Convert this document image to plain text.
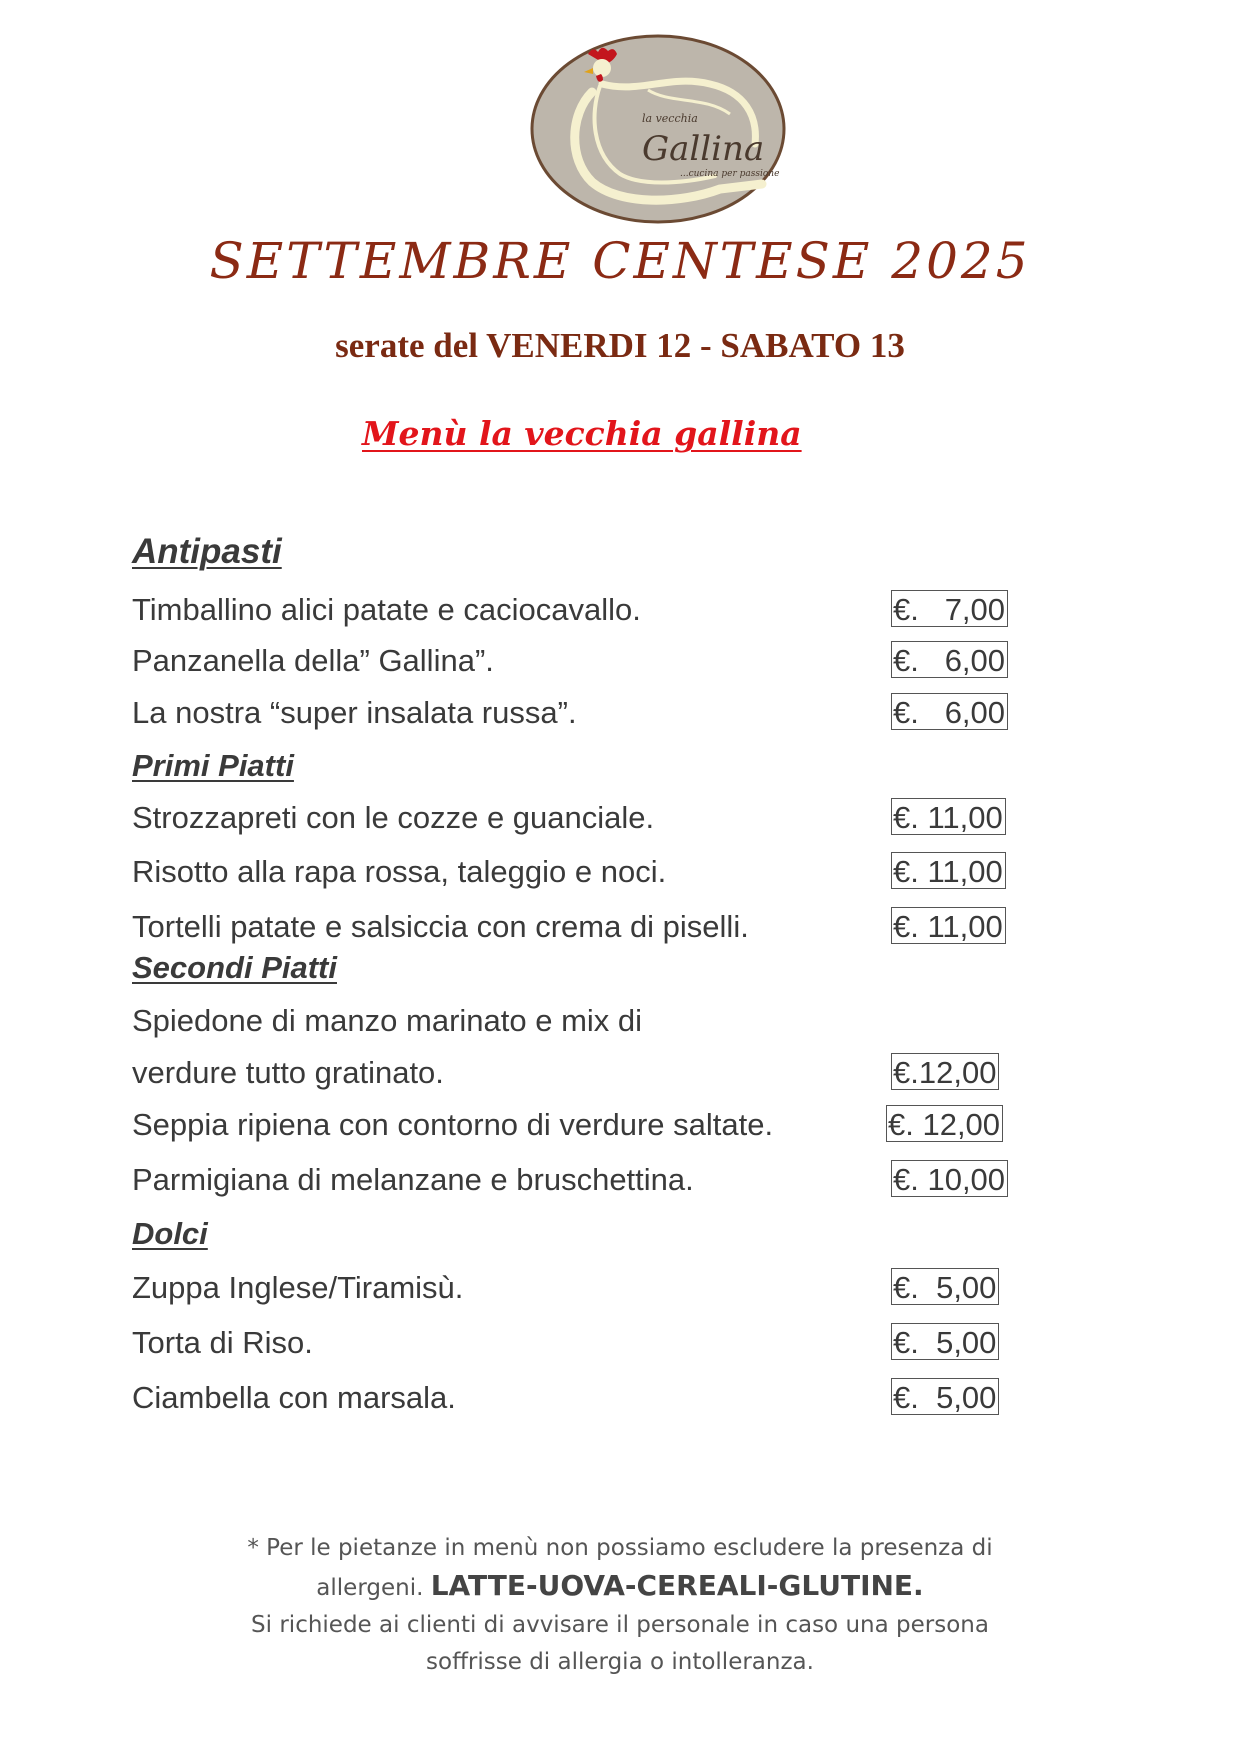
la vecchia
Gallina
...cucina per passione
SETTEMBRE CENTESE 2025
serate del VENERDI 12 - SABATO 13
Menù la vecchia gallina
Antipasti
Timballino alici patate e caciocavallo.	€.   7,00
Panzanella della” Gallina”.	€.   6,00
La nostra “super insalata russa”.	€.   6,00
Primi Piatti
Strozzapreti con le cozze e guanciale.	€. 11,00
Risotto alla rapa rossa, taleggio e noci.	€. 11,00
Tortelli patate e salsiccia con crema di piselli.	€. 11,00
Secondi Piatti
Spiedone di manzo marinato e mix di
verdure tutto gratinato.	€.12,00
Seppia ripiena con contorno di verdure saltate.	€. 12,00
Parmigiana di melanzane e bruschettina.	€. 10,00
Dolci
Zuppa Inglese/Tiramisù.	€.  5,00
Torta di Riso.	€.  5,00
Ciambella con marsala.	€.  5,00
* Per le pietanze in menù non possiamo escludere la presenza di
allergeni. LATTE-UOVA-CEREALI-GLUTINE.
Si richiede ai clienti di avvisare il personale in caso una persona
soffrisse di allergia o intolleranza.
